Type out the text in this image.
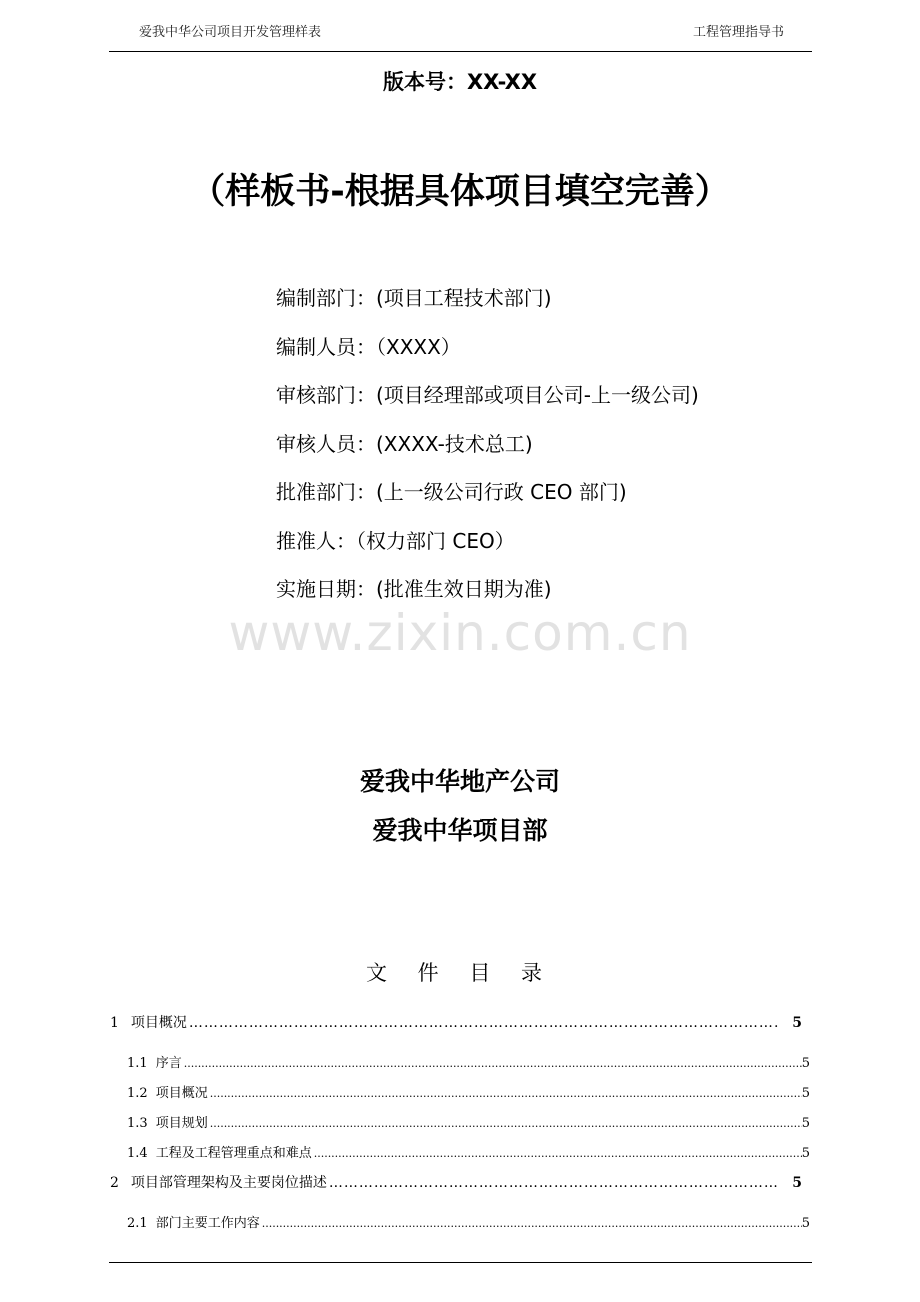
爱我中华公司项目开发管理样表	工程管理指导书
版本号：XX-XX
（样板书-根据具体项目填空完善）
编制部门：(项目工程技术部门)
编制人员：（XXXX）
审核部门：(项目经理部或项目公司-上一级公司)
审核人员：(XXXX-技术总工)
批准部门：(上一级公司行政 CEO 部门)
推准人：（权力部门 CEO）
实施日期：(批准生效日期为准)
www.zixin.com.cn
爱我中华地产公司
爱我中华项目部
文 件 目 录
1 项目概况 ……………………………………………………………………………………………………………………………………	5
1.1 序言 .....	5
1.2 项目概况 .....	5
1.3 项目规划 .....	5
1.4 工程及工程管理重点和难点 .....	5
2 项目部管理架构及主要岗位描述 ……………………………………………………………………………………………………………………………………	5
2.1 部门主要工作内容 .....	5
